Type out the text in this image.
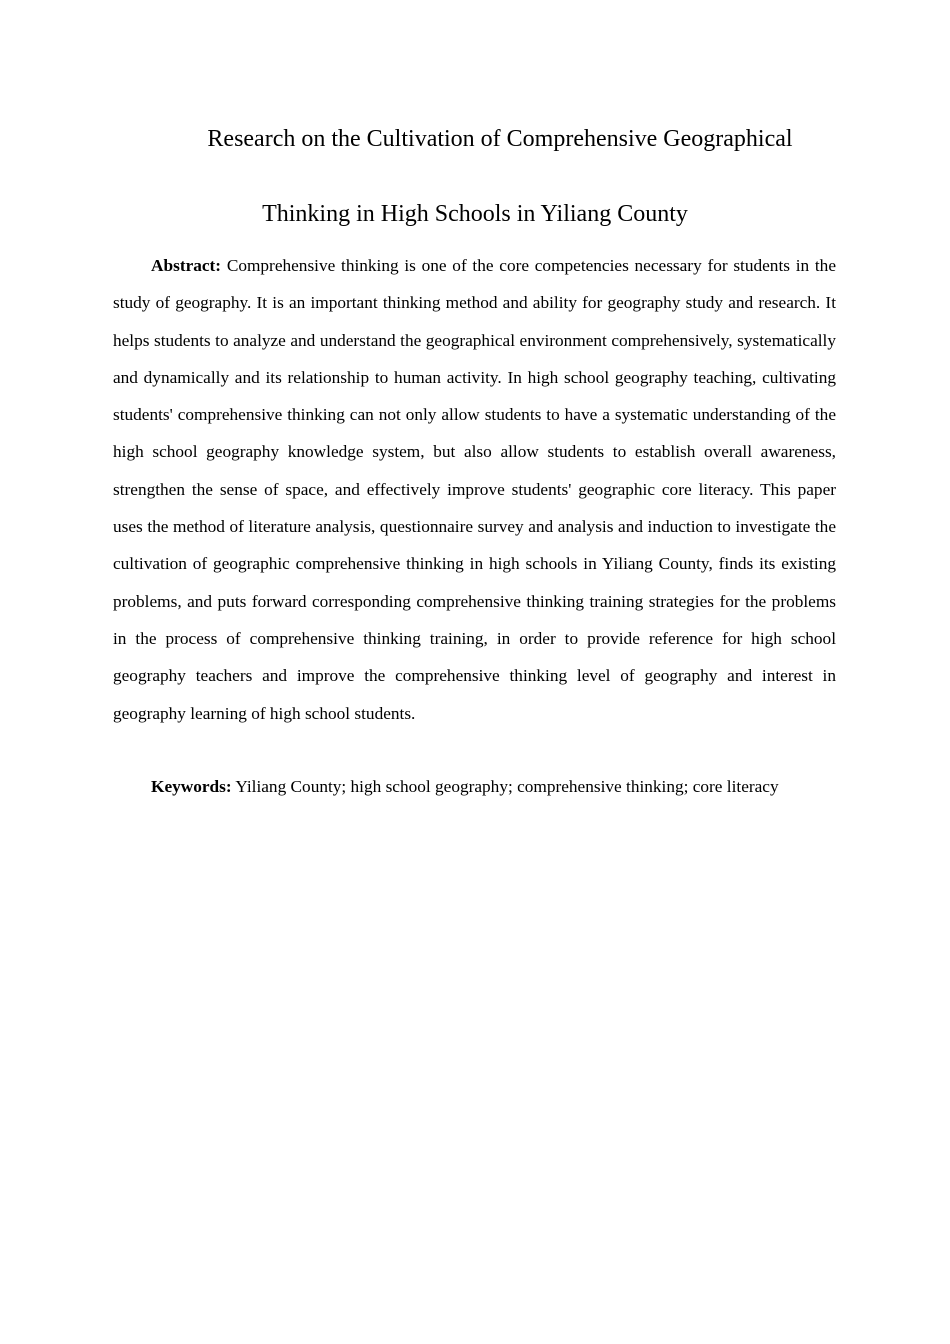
Research on the Cultivation of Comprehensive Geographical
Thinking in High Schools in Yiliang County

Abstract: Comprehensive thinking is one of the core competencies necessary for students in the study of geography. It is an important thinking method and ability for geography study and research. It helps students to analyze and understand the geographical environment comprehensively, systematically and dynamically and its relationship to human activity. In high school geography teaching, cultivating students' comprehensive thinking can not only allow students to have a systematic understanding of the high school geography knowledge system, but also allow students to establish overall awareness, strengthen the sense of space, and effectively improve students' geographic core literacy. This paper uses the method of literature analysis, questionnaire survey and analysis and induction to investigate the cultivation of geographic comprehensive thinking in high schools in Yiliang County, finds its existing problems, and puts forward corresponding comprehensive thinking training strategies for the problems in the process of comprehensive thinking training, in order to provide reference for high school geography teachers and improve the comprehensive thinking level of geography and interest in geography learning of high school students.

Keywords: Yiliang County; high school geography; comprehensive thinking; core literacy
